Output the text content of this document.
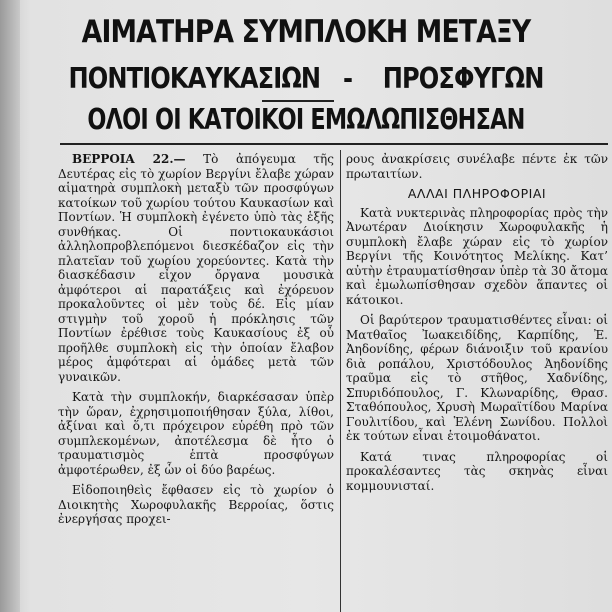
ΑΙΜΑΤΗΡΑ ΣΥΜΠΛΟΚΗ ΜΕΤΑΞΥ
ΠΟΝΤΙΟΚΑΥΚΑΣΙΩΝ - ΠΡΟΣΦΥΓΩΝ
ΟΛΟΙ ΟΙ ΚΑΤΟΙΚΟΙ ΕΜΩΛΩΠΙΣΘΗΣΑΝ

ΒΕΡΡΟΙΑ 22.— Τὸ ἀπόγευμα τῆς Δευτέρας εἰς τὸ χωρίον Βεργίνι ἔλαβε χώραν αἱματηρὰ συμπλοκὴ μεταξὺ τῶν προσφύγων κατοίκων τοῦ χωρίου τούτου Καυκασίων καὶ Ποντίων. Ἡ συμπλοκὴ ἐγένετο ὑπὸ τὰς ἑξῆς συνθήκας. Οἱ ποντιοκαυκάσιοι ἀλληλοπροβλεπόμενοι διεσκέδαζον εἰς τὴν πλατεῖαν τοῦ χωρίου χορεύοντες. Κατὰ τὴν διασκέδασιν εἶχον ὄργανα μουσικὰ ἀμφότεροι αἱ παρατάξεις καὶ ἐχόρευον προκαλοῦντες οἱ μὲν τοὺς δέ. Εἰς μίαν στιγμὴν τοῦ χοροῦ ἡ πρόκλησις τῶν Ποντίων ἐρέθισε τοὺς Καυκασίους ἐξ οὗ προῆλθε συμπλοκὴ εἰς τὴν ὁποίαν ἔλαβον μέρος ἀμφότεραι αἱ ὁμάδες μετὰ τῶν γυναικῶν.

Κατὰ τὴν συμπλοκήν, διαρκέσασαν ὑπὲρ τὴν ὥραν, ἐχρησιμοποιήθησαν ξύλα, λίθοι, ἀξίναι καὶ ὅ,τι πρόχειρον εὑρέθη πρὸ τῶν συμπλεκομένων, ἀποτέλεσμα δὲ ἦτο ὁ τραυματισμὸς ἑπτὰ προσφύγων ἀμφοτέρωθεν, ἐξ ὧν οἱ δύο βαρέως.

Εἰδοποιηθεὶς ἔφθασεν εἰς τὸ χωρίον ὁ Διοικητὴς Χωροφυλακῆς Βερροίας, ὅστις ἐνεργήσας προχει-

ρους ἀνακρίσεις συνέλαβε πέντε ἐκ τῶν πρωταιτίων.

ΑΛΛΑΙ ΠΛΗΡΟΦΟΡΙΑΙ

Κατὰ νυκτερινὰς πληροφορίας πρὸς τὴν Ἀνωτέραν Διοίκησιν Χωροφυλακῆς ἡ συμπλοκὴ ἔλαβε χώραν εἰς τὸ χωρίον Βεργίνι τῆς Κοινότητος Μελίκης. Κατ’ αὐτὴν ἐτραυματίσθησαν ὑπὲρ τὰ 30 ἄτομα καὶ ἐμωλωπίσθησαν σχεδὸν ἅπαντες οἱ κάτοικοι.

Οἱ βαρύτερον τραυματισθέντες εἶναι: οἱ Ματθαῖος Ἰωακειδίδης, Καρπίδης, Ἐ. Ἀηδονίδης, φέρων διάνοιξιν τοῦ κρανίου διὰ ροπάλου, Χριστόδουλος Ἀηδονίδης τραῦμα εἰς τὸ στῆθος, Χαδνίδης, Σπυριδόπουλος, Γ. Κλωναρίδης, Θρασ. Σταθόπουλος, Χρυσὴ Μωραϊτίδου Μαρίνα Γουλιτίδου, καὶ Ἑλένη Σωνίδου. Πολλοὶ ἐκ τούτων εἶναι ἑτοιμοθάνατοι.

Κατά τινας πληροφορίας οἱ προκαλέσαντες τὰς σκηνὰς εἶναι κομμουνισταί.
